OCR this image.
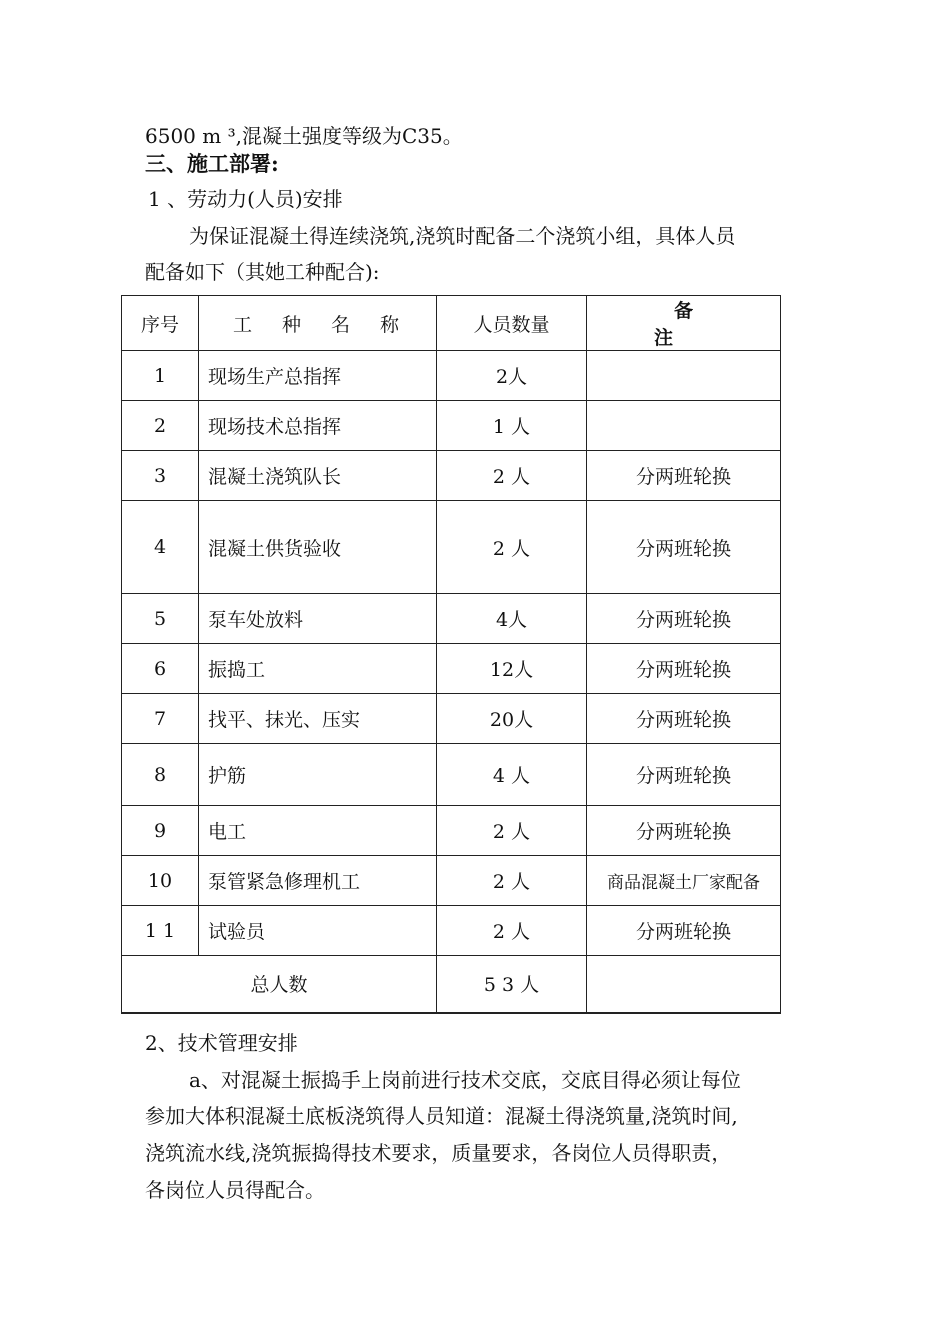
6500 m ³,混凝土强度等级为C35。
三、施工部署:
1 、劳动力(人员)安排
为保证混凝土得连续浇筑,浇筑时配备二个浇筑小组，具体人员
配备如下（其她工种配合):
序号	工 种 名 称	人员数量	备 注
1	现场生产总指挥	2人	
2	现场技术总指挥	1 人	
3	混凝土浇筑队长	2 人	分两班轮换
4	混凝土供货验收	2 人	分两班轮换
5	泵车处放料	4人	分两班轮换
6	振捣工	12人	分两班轮换
7	找平、抹光、压实	20人	分两班轮换
8	护筋	4 人	分两班轮换
9	电工	2 人	分两班轮换
10	泵管紧急修理机工	2 人	商品混凝土厂家配备
1 1	试验员	2 人	分两班轮换
总人数		5 3 人	
2、技术管理安排
a、对混凝土振捣手上岗前进行技术交底，交底目得必须让每位
参加大体积混凝土底板浇筑得人员知道：混凝土得浇筑量,浇筑时间,
浇筑流水线,浇筑振捣得技术要求，质量要求，各岗位人员得职责，
各岗位人员得配合。
